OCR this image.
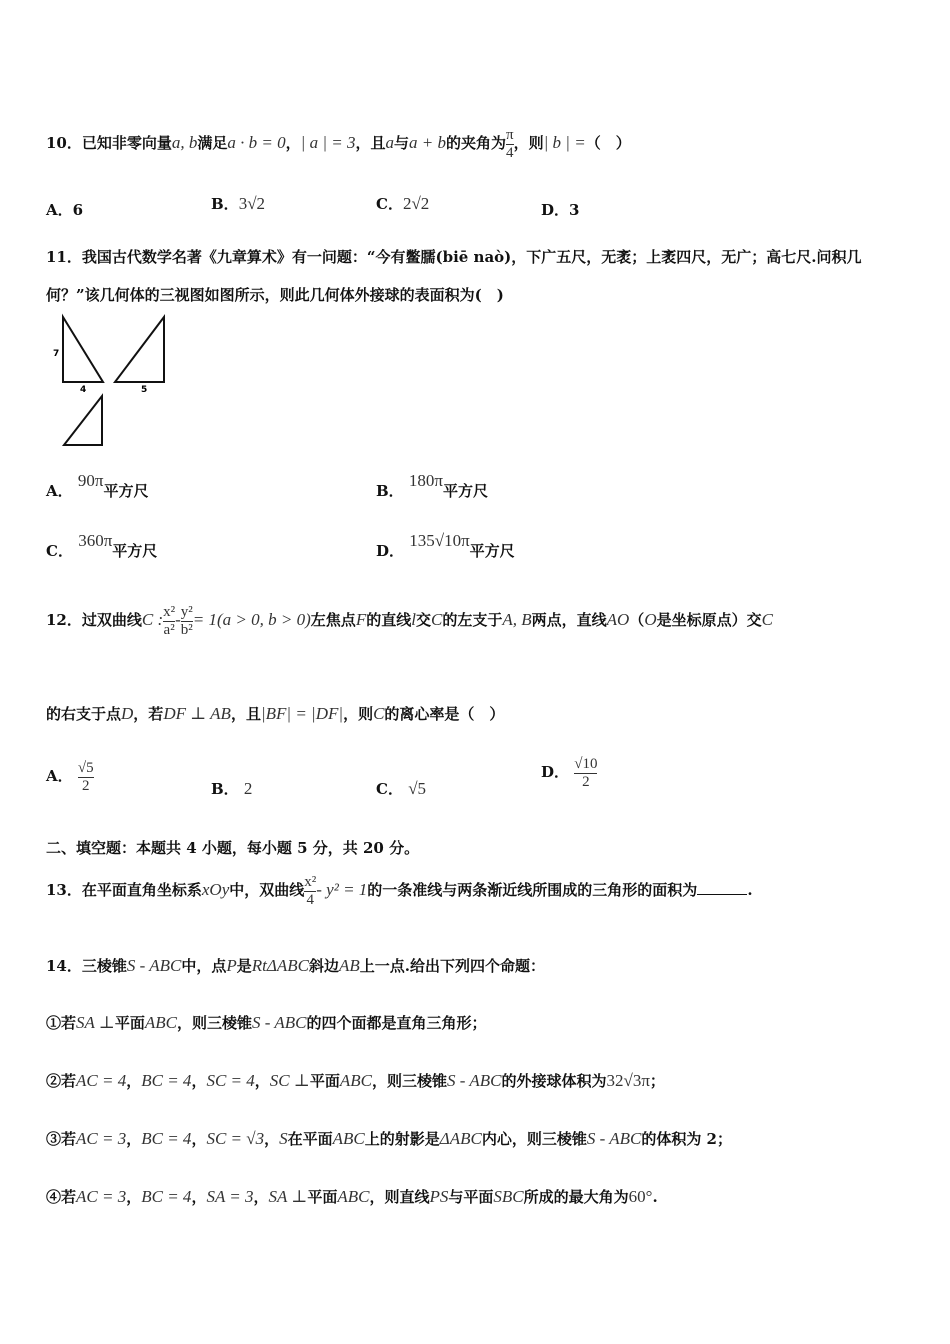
10．已知非零向量a, b满足a · b = 0，| a | = 3，且a与a + b的夹角为 $\frac{\pi}{4}$ ，则| b | =（　）
A．6	B．3√2	C．2√2	D．3
11．我国古代数学名著《九章算术》有一问题：“今有鳖臑(biē naò)，下广五尺，无袤；上袤四尺，无广；高七尺.问积几
何？”该几何体的三视图如图所示，则此几何体外接球的表面积为(　)
7
4	5
A． 90π平方尺	B． 180π平方尺
C． 360π平方尺	D． 135√10π平方尺
12．过双曲线C : $\frac{\text{x²}}{\text{a²}} - \frac{\text{y²}}{\text{b²}} = 1(a > 0$, b > 0)左焦点F的直线l交C的左支于A, B两点，直线AO（O是坐标原点）交C
的右支于点D，若DF ⊥ AB，且|BF| = |DF|，则C的离心率是（　）
A． $\frac{√5}{2}$	B． 2	C． √5
D． $\frac{√10}{2}$
二、填空题：本题共 4 小题，每小题 5 分，共 20 分。
13．在平面直角坐标系xOy中，双曲线 $\frac{\text{x²}}{4} - y^2 = 1$的一条准线与两条渐近线所围成的三角形的面积为	.
14．三棱锥S - ABC中，点P是RtΔABC斜边AB上一点.给出下列四个命题：
①若SA ⊥平面ABC，则三棱锥S - ABC的四个面都是直角三角形；
②若AC = 4，BC = 4，SC = 4，SC ⊥平面ABC，则三棱锥S - ABC的外接球体积为32√3π；
③若AC = 3，BC = 4，SC = √3，S在平面ABC上的射影是ΔABC内心，则三棱锥S - ABC的体积为 2；
④若AC = 3，BC = 4，SA = 3，SA ⊥平面ABC，则直线PS与平面SBC所成的最大角为60°.
